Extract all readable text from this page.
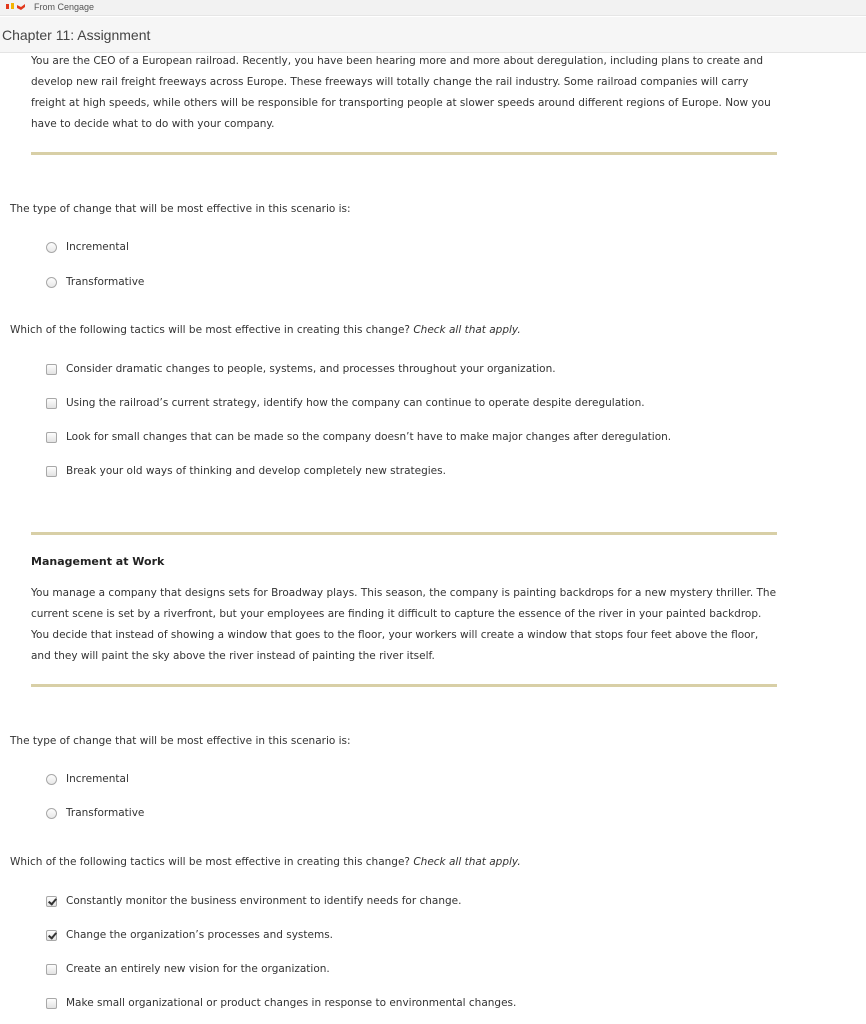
From Cengage
Chapter 11: Assignment
You are the CEO of a European railroad. Recently, you have been hearing more and more about deregulation, including plans to create and develop new rail freight freeways across Europe. These freeways will totally change the rail industry. Some railroad companies will carry freight at high speeds, while others will be responsible for transporting people at slower speeds around different regions of Europe. Now you have to decide what to do with your company.
The type of change that will be most effective in this scenario is:
Incremental
Transformative
Which of the following tactics will be most effective in creating this change? Check all that apply.
Consider dramatic changes to people, systems, and processes throughout your organization.
Using the railroad’s current strategy, identify how the company can continue to operate despite deregulation.
Look for small changes that can be made so the company doesn’t have to make major changes after deregulation.
Break your old ways of thinking and develop completely new strategies.
Management at Work
You manage a company that designs sets for Broadway plays. This season, the company is painting backdrops for a new mystery thriller. The current scene is set by a riverfront, but your employees are finding it difficult to capture the essence of the river in your painted backdrop. You decide that instead of showing a window that goes to the floor, your workers will create a window that stops four feet above the floor, and they will paint the sky above the river instead of painting the river itself.
The type of change that will be most effective in this scenario is:
Incremental
Transformative
Which of the following tactics will be most effective in creating this change? Check all that apply.
Constantly monitor the business environment to identify needs for change.
Change the organization’s processes and systems.
Create an entirely new vision for the organization.
Make small organizational or product changes in response to environmental changes.
